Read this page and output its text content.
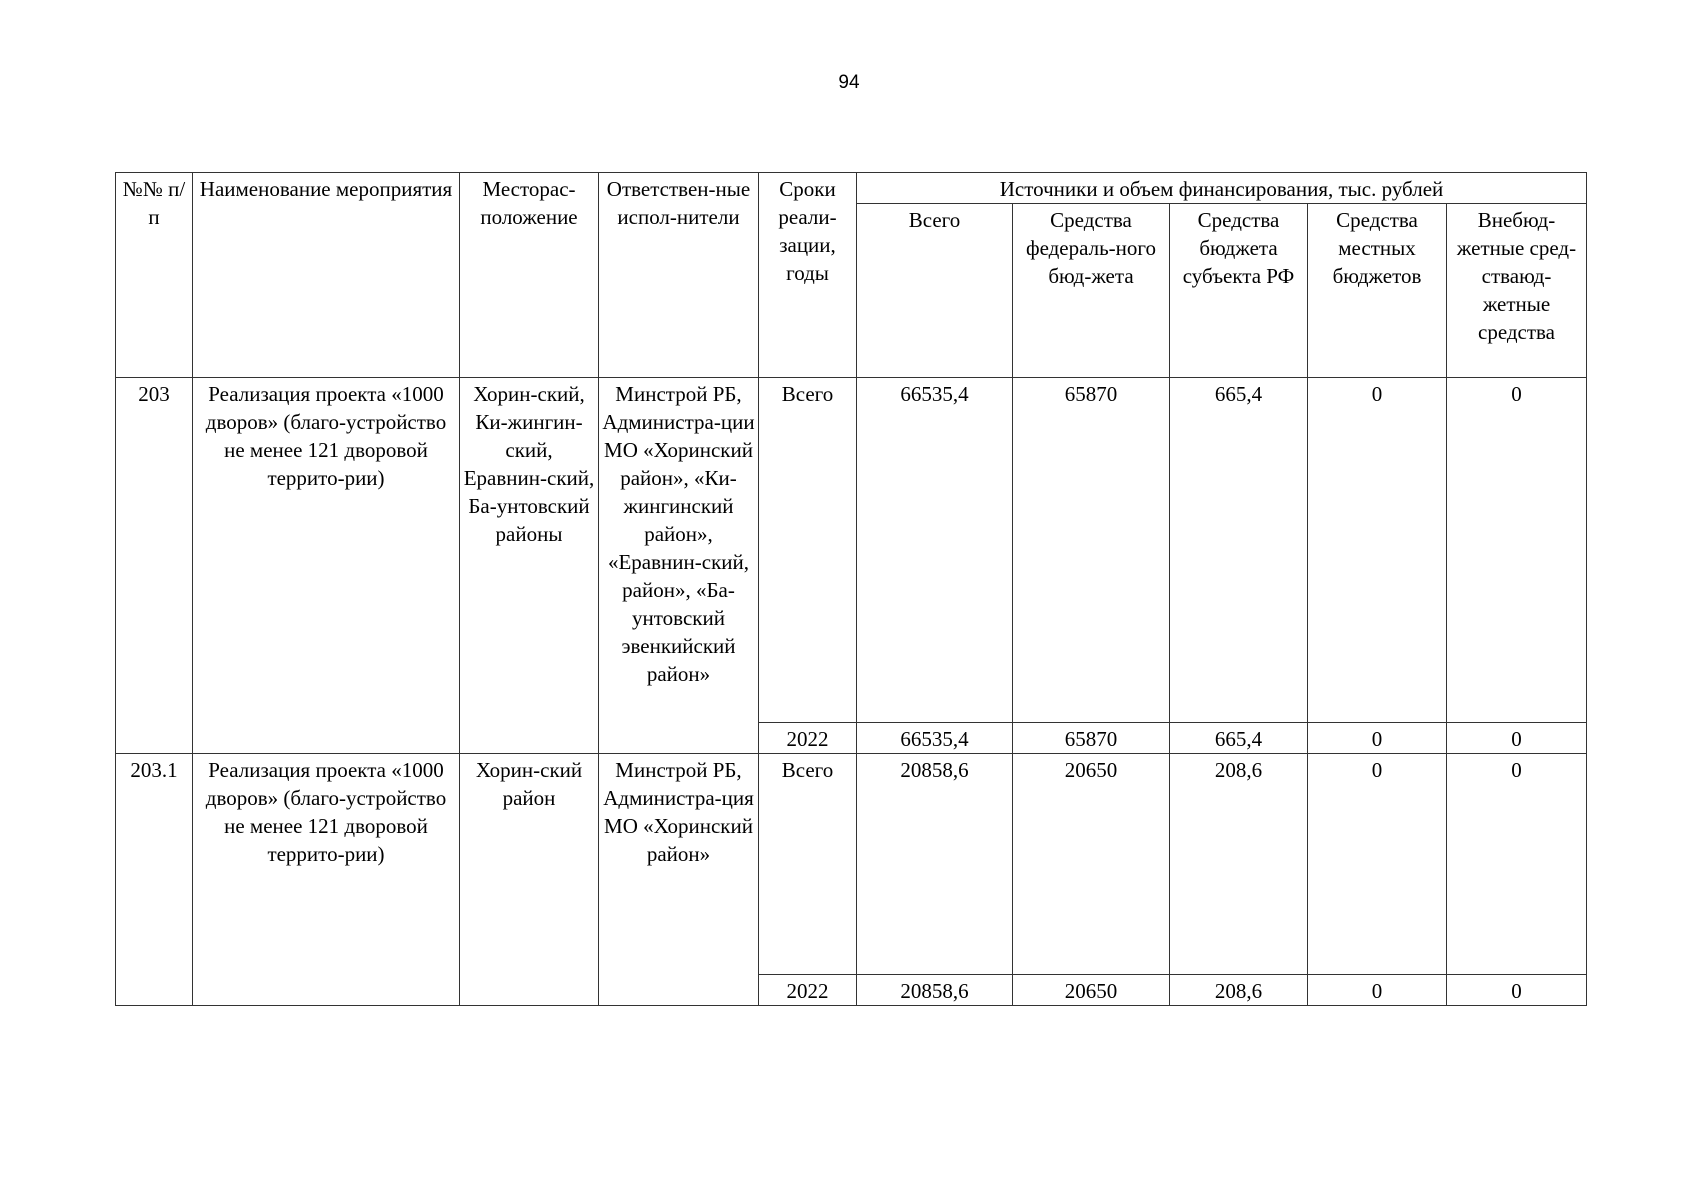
94
№№ п/п	Наименование мероприятия	Месторас-положение	Ответствен-ные испол-нители	Сроки реали-зации, годы	Источники и объем финансирования, тыс. рублей				
					Всего	Средства федераль-ного бюд-жета	Средства бюджета субъекта РФ	Средства местных бюджетов	Внебюд-жетные сред-стваюд-жетные средства
203	Реализация проекта «1000 дворов» (благо-устройство не менее 121 дворовой террито-рии)	Хорин-ский, Ки-жингин-ский, Еравнин-ский, Ба-унтовский районы	Минстрой РБ, Администра-ции МО «Хоринский район», «Ки-жингинский район», «Еравнин-ский, район», «Ба-унтовский эвенкийский район»	Всего	66535,4	65870	665,4	0	0
				2022	66535,4	65870	665,4	0	0
203.1	Реализация проекта «1000 дворов» (благо-устройство не менее 121 дворовой террито-рии)	Хорин-ский район	Минстрой РБ, Администра-ция МО «Хоринский район»	Всего	20858,6	20650	208,6	0	0
				2022	20858,6	20650	208,6	0	0
